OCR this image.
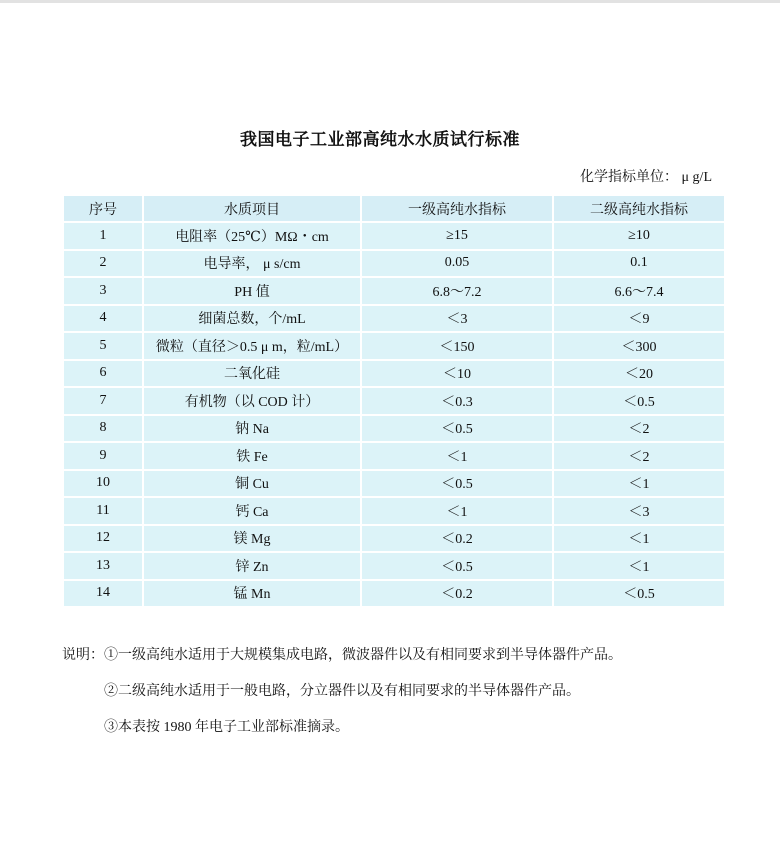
我国电子工业部高纯水水质试行标准
化学指标单位： μ g/L
序号	水质项目	一级高纯水指标	二级高纯水指标
1	电阻率（25℃）MΩ・cm	≥15	≥10
2	电导率， μ s/cm	0.05	0.1
3	PH 值	6.8～7.2	6.6～7.4
4	细菌总数，个/mL	＜3	＜9
5	微粒（直径＞0.5 μ m，粒/mL）	＜150	＜300
6	二氧化硅	＜10	＜20
7	有机物（以 COD 计）	＜0.3	＜0.5
8	钠 Na	＜0.5	＜2
9	铁 Fe	＜1	＜2
10	铜 Cu	＜0.5	＜1
11	钙 Ca	＜1	＜3
12	镁 Mg	＜0.2	＜1
13	锌 Zn	＜0.5	＜1
14	锰 Mn	＜0.2	＜0.5
说明：①一级高纯水适用于大规模集成电路，微波器件以及有相同要求到半导体器件产品。
②二级高纯水适用于一般电路，分立器件以及有相同要求的半导体器件产品。
③本表按 1980 年电子工业部标准摘录。
